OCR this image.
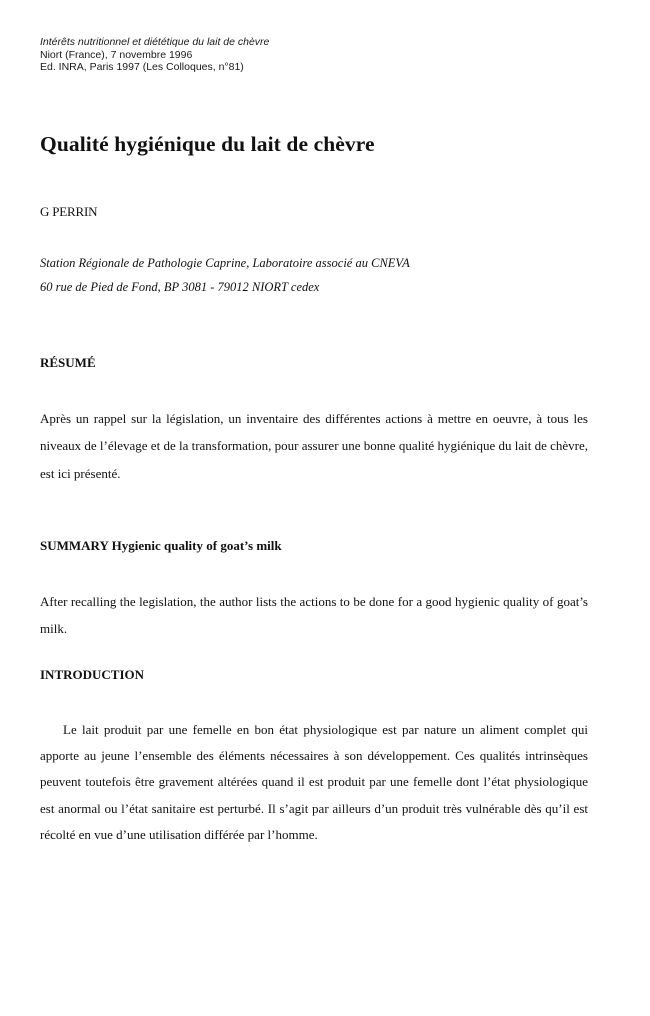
Intérêts nutritionnel et diététique du lait de chèvre
Niort (France), 7 novembre 1996
Ed. INRA, Paris 1997 (Les Colloques, n°81)
Qualité hygiénique du lait de chèvre
G PERRIN
Station Régionale de Pathologie Caprine, Laboratoire associé au CNEVA
60 rue de Pied de Fond, BP 3081 - 79012 NIORT cedex
RÉSUMÉ
Après un rappel sur la législation, un inventaire des différentes actions à mettre en oeuvre, à tous les niveaux de l’élevage et de la transformation, pour assurer une bonne qualité hygiénique du lait de chèvre, est ici présenté.
SUMMARY Hygienic quality of goat’s milk
After recalling the legislation, the author lists the actions to be done for a good hygienic quality of goat’s milk.
INTRODUCTION
Le lait produit par une femelle en bon état physiologique est par nature un aliment complet qui apporte au jeune l’ensemble des éléments nécessaires à son développement. Ces qualités intrinsèques peuvent toutefois être gravement altérées quand il est produit par une femelle dont l’état physiologique est anormal ou l’état sanitaire est perturbé. Il s’agit par ailleurs d’un produit très vulnérable dès qu’il est récolté en vue d’une utilisation différée par l’homme.
